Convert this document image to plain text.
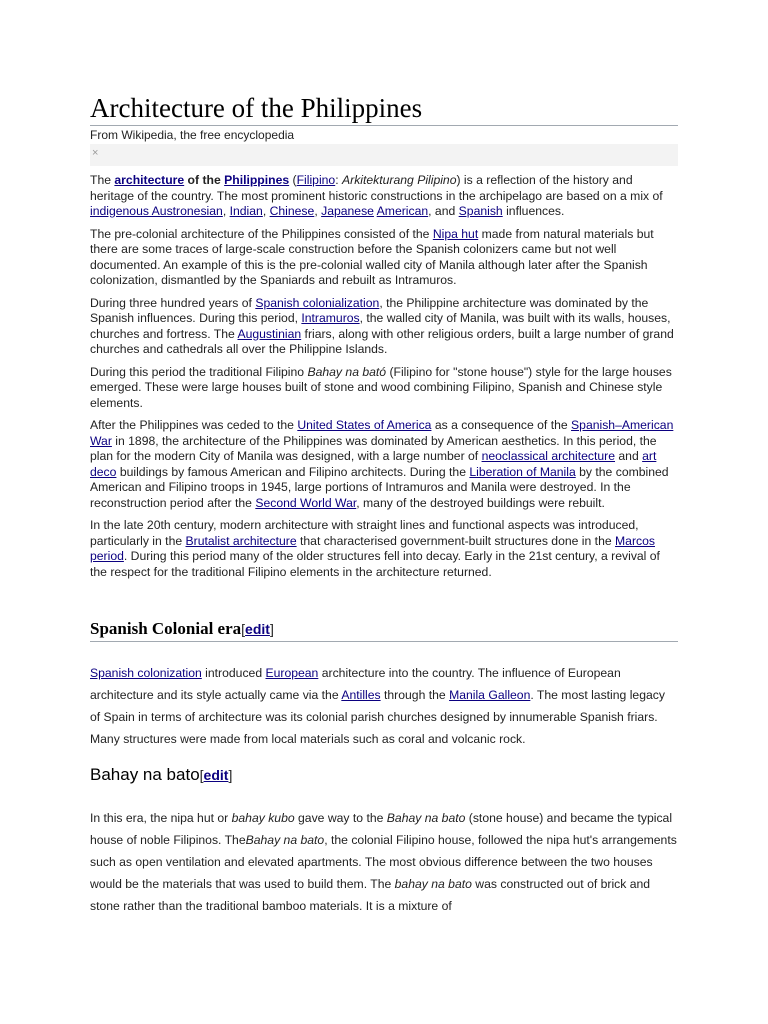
Architecture of the Philippines
From Wikipedia, the free encyclopedia
×

The architecture of the Philippines (Filipino: Arkitekturang Pilipino) is a reflection of the history and heritage of the country. The most prominent historic constructions in the archipelago are based on a mix of indigenous Austronesian, Indian, Chinese, Japanese American, and Spanish influences.

The pre-colonial architecture of the Philippines consisted of the Nipa hut made from natural materials but there are some traces of large-scale construction before the Spanish colonizers came but not well documented. An example of this is the pre-colonial walled city of Manila although later after the Spanish colonization, dismantled by the Spaniards and rebuilt as Intramuros.

During three hundred years of Spanish colonialization, the Philippine architecture was dominated by the Spanish influences. During this period, Intramuros, the walled city of Manila, was built with its walls, houses, churches and fortress. The Augustinian friars, along with other religious orders, built a large number of grand churches and cathedrals all over the Philippine Islands.

During this period the traditional Filipino Bahay na bató (Filipino for "stone house") style for the large houses emerged. These were large houses built of stone and wood combining Filipino, Spanish and Chinese style elements.

After the Philippines was ceded to the United States of America as a consequence of the Spanish–American War in 1898, the architecture of the Philippines was dominated by American aesthetics. In this period, the plan for the modern City of Manila was designed, with a large number of neoclassical architecture and art deco buildings by famous American and Filipino architects. During the Liberation of Manila by the combined American and Filipino troops in 1945, large portions of Intramuros and Manila were destroyed. In the reconstruction period after the Second World War, many of the destroyed buildings were rebuilt.

In the late 20th century, modern architecture with straight lines and functional aspects was introduced, particularly in the Brutalist architecture that characterised government-built structures done in the Marcos period. During this period many of the older structures fell into decay. Early in the 21st century, a revival of the respect for the traditional Filipino elements in the architecture returned.

Spanish Colonial era[edit]

Spanish colonization introduced European architecture into the country. The influence of European architecture and its style actually came via the Antilles through the Manila Galleon. The most lasting legacy of Spain in terms of architecture was its colonial parish churches designed by innumerable Spanish friars. Many structures were made from local materials such as coral and volcanic rock.

Bahay na bato[edit]

In this era, the nipa hut or bahay kubo gave way to the Bahay na bato (stone house) and became the typical house of noble Filipinos. TheBahay na bato, the colonial Filipino house, followed the nipa hut's arrangements such as open ventilation and elevated apartments. The most obvious difference between the two houses would be the materials that was used to build them. The bahay na bato was constructed out of brick and stone rather than the traditional bamboo materials. It is a mixture of
